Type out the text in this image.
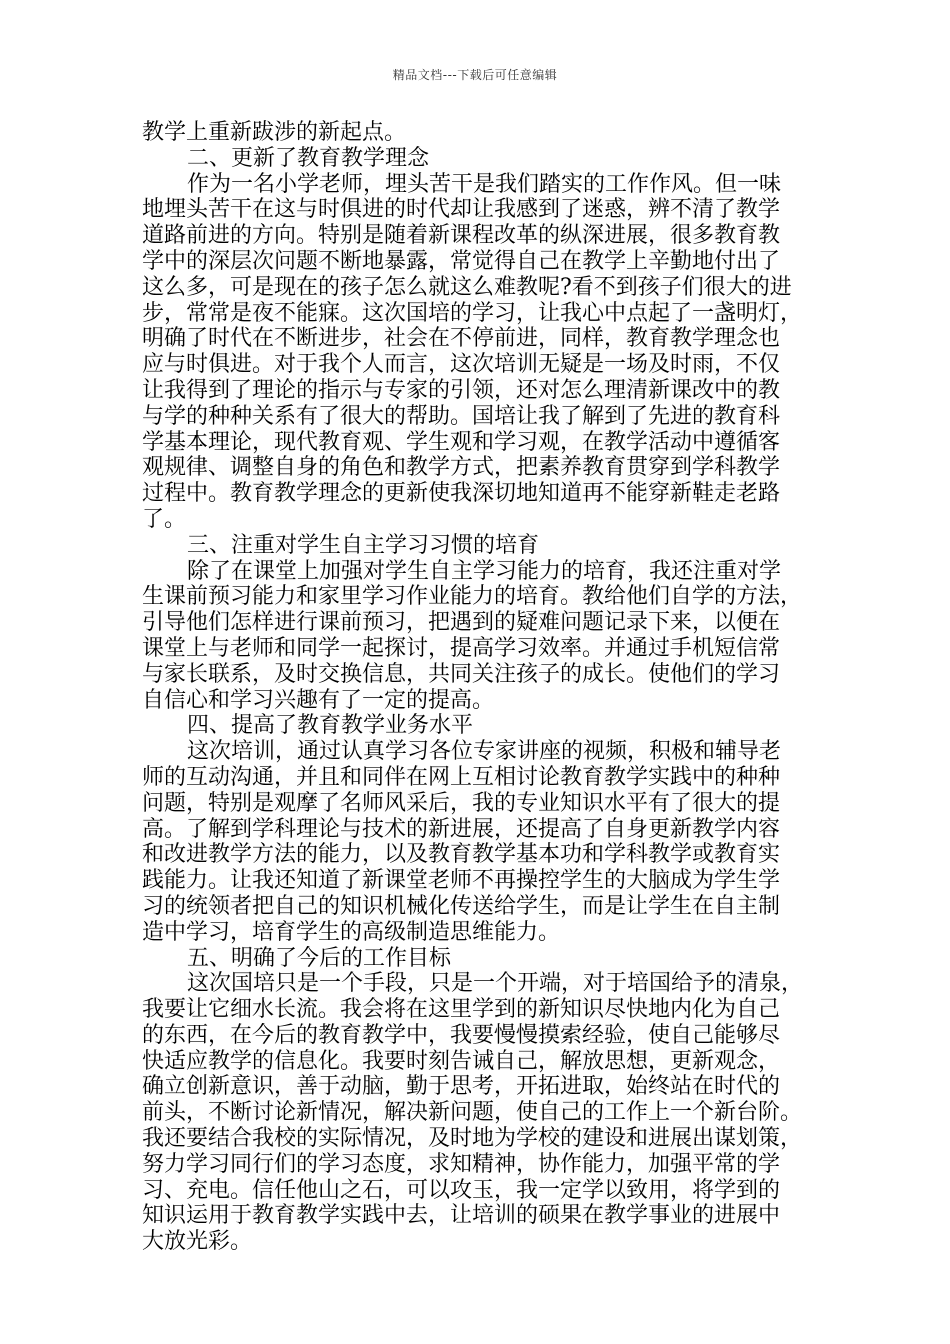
精品文档---下载后可任意编辑
教学上重新跋涉的新起点。
二、更新了教育教学理念
作为一名小学老师，埋头苦干是我们踏实的工作作风。但一味
地埋头苦干在这与时俱进的时代却让我感到了迷惑，辨不清了教学
道路前进的方向。特别是随着新课程改革的纵深进展，很多教育教
学中的深层次问题不断地暴露，常觉得自己在教学上辛勤地付出了
这么多，可是现在的孩子怎么就这么难教呢?看不到孩子们很大的进
步，常常是夜不能寐。这次国培的学习，让我心中点起了一盏明灯，
明确了时代在不断进步，社会在不停前进，同样，教育教学理念也
应与时俱进。对于我个人而言，这次培训无疑是一场及时雨，不仅
让我得到了理论的指示与专家的引领，还对怎么理清新课改中的教
与学的种种关系有了很大的帮助。国培让我了解到了先进的教育科
学基本理论，现代教育观、学生观和学习观，在教学活动中遵循客
观规律、调整自身的角色和教学方式，把素养教育贯穿到学科教学
过程中。教育教学理念的更新使我深切地知道再不能穿新鞋走老路
了。
三、注重对学生自主学习习惯的培育
除了在课堂上加强对学生自主学习能力的培育，我还注重对学
生课前预习能力和家里学习作业能力的培育。教给他们自学的方法，
引导他们怎样进行课前预习，把遇到的疑难问题记录下来，以便在
课堂上与老师和同学一起探讨，提高学习效率。并通过手机短信常
与家长联系，及时交换信息，共同关注孩子的成长。使他们的学习
自信心和学习兴趣有了一定的提高。
四、提高了教育教学业务水平
这次培训，通过认真学习各位专家讲座的视频，积极和辅导老
师的互动沟通，并且和同伴在网上互相讨论教育教学实践中的种种
问题，特别是观摩了名师风采后，我的专业知识水平有了很大的提
高。了解到学科理论与技术的新进展，还提高了自身更新教学内容
和改进教学方法的能力，以及教育教学基本功和学科教学或教育实
践能力。让我还知道了新课堂老师不再操控学生的大脑成为学生学
习的统领者把自己的知识机械化传送给学生，而是让学生在自主制
造中学习，培育学生的高级制造思维能力。
五、明确了今后的工作目标
这次国培只是一个手段，只是一个开端，对于培国给予的清泉，
我要让它细水长流。我会将在这里学到的新知识尽快地内化为自己
的东西，在今后的教育教学中，我要慢慢摸索经验，使自己能够尽
快适应教学的信息化。我要时刻告诫自己，解放思想，更新观念，
确立创新意识，善于动脑，勤于思考，开拓进取，始终站在时代的
前头，不断讨论新情况，解决新问题，使自己的工作上一个新台阶。
我还要结合我校的实际情况，及时地为学校的建设和进展出谋划策，
努力学习同行们的学习态度，求知精神，协作能力，加强平常的学
习、充电。信任他山之石，可以攻玉，我一定学以致用，将学到的
知识运用于教育教学实践中去，让培训的硕果在教学事业的进展中
大放光彩。
